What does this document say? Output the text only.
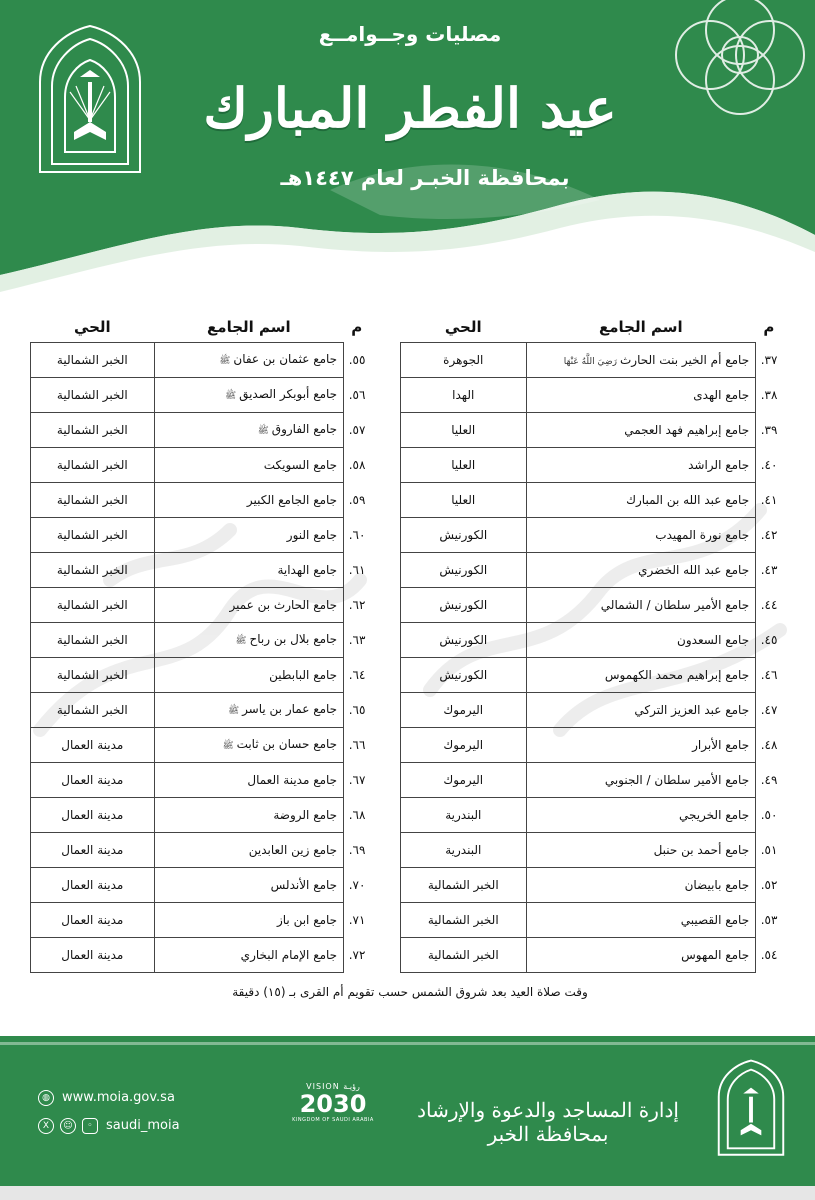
مصليات وجــوامــع
عيد الفطر المبارك
بمحافظة الخبـر لعام ١٤٤٧هـ
م	اسم الجامع	الحي
٣٧.	جامع أم الخير بنت الحارثرَضِيَ اللَّهُ عَنْهَا	الجوهرة
٣٨.	جامع الهدى	الهدا
٣٩.	جامع إبراهيم فهد العجمي	العليا
٤٠.	جامع الراشد	العليا
٤١.	جامع عبد الله بن المبارك	العليا
٤٢.	جامع نورة المهيدب	الكورنيش
٤٣.	جامع عبد الله الخضري	الكورنيش
٤٤.	جامع الأمير سلطان / الشمالي	الكورنيش
٤٥.	جامع السعدون	الكورنيش
٤٦.	جامع إبراهيم محمد الكهموس	الكورنيش
٤٧.	جامع عبد العزيز التركي	اليرموك
٤٨.	جامع الأبرار	اليرموك
٤٩.	جامع الأمير سلطان / الجنوبي	اليرموك
٥٠.	جامع الخريجي	البندرية
٥١.	جامع أحمد بن حنبل	البندرية
٥٢.	جامع بابيضان	الخبر الشمالية
٥٣.	جامع القصيبي	الخبر الشمالية
٥٤.	جامع المهوس	الخبر الشمالية
م	اسم الجامع	الحي
٥٥.	جامع عثمان بن عفانﷺ	الخبر الشمالية
٥٦.	جامع أبوبكر الصديقﷺ	الخبر الشمالية
٥٧.	جامع الفاروقﷺ	الخبر الشمالية
٥٨.	جامع السويكت	الخبر الشمالية
٥٩.	جامع الجامع الكبير	الخبر الشمالية
٦٠.	جامع النور	الخبر الشمالية
٦١.	جامع الهداية	الخبر الشمالية
٦٢.	جامع الحارث بن عمير	الخبر الشمالية
٦٣.	جامع بلال بن رباحﷺ	الخبر الشمالية
٦٤.	جامع البابطين	الخبر الشمالية
٦٥.	جامع عمار بن ياسرﷺ	الخبر الشمالية
٦٦.	جامع حسان بن ثابتﷺ	مدينة العمال
٦٧.	جامع مدينة العمال	مدينة العمال
٦٨.	جامع الروضة	مدينة العمال
٦٩.	جامع زين العابدين	مدينة العمال
٧٠.	جامع الأندلس	مدينة العمال
٧١.	جامع ابن باز	مدينة العمال
٧٢.	جامع الإمام البخاري	مدينة العمال
وقت صلاة العيد بعد شروق الشمس حسب تقويم أم القرى بـ (١٥) دقيقة
◍ www.moia.gov.sa
X	☺	◦	saudi_moia
VISION رؤيـة
2030
KINGDOM OF SAUDI ARABIA	إدارة المساجد والدعوة والإرشاد بمحافظة الخبر
